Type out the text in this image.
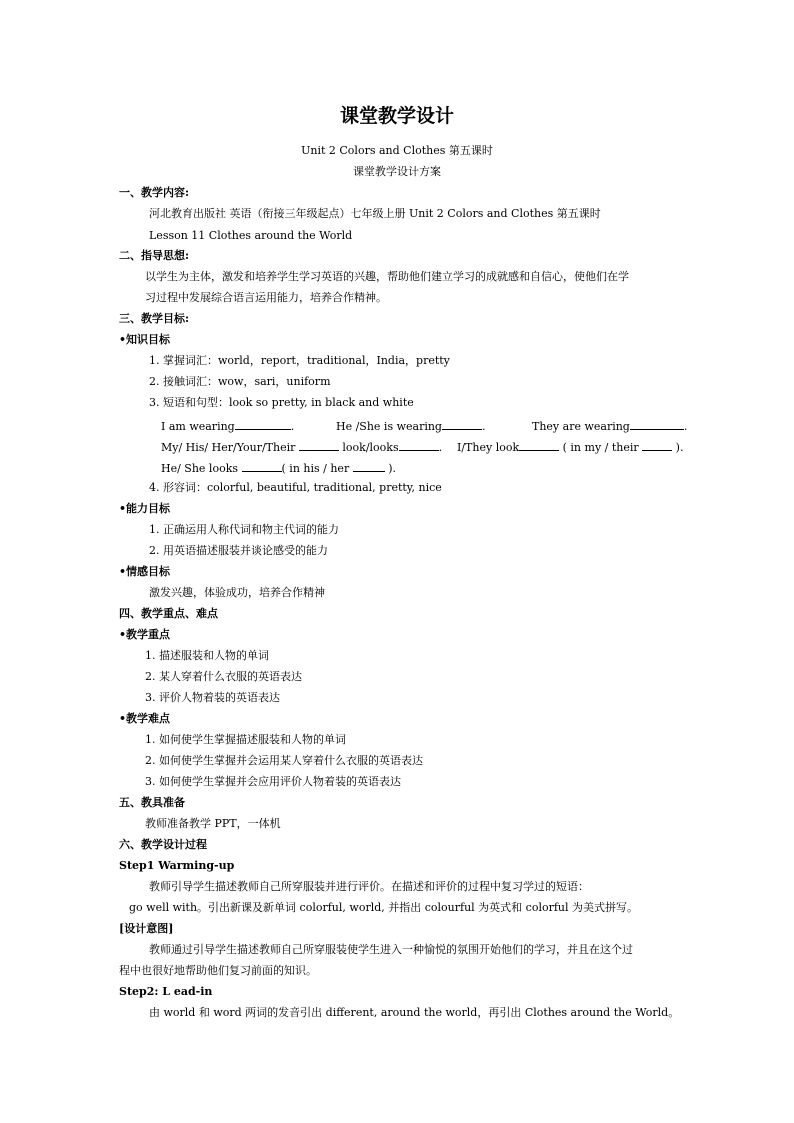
课堂教学设计
Unit 2 Colors and Clothes 第五课时
课堂教学设计方案
一、教学内容:
河北教育出版社 英语（衔接三年级起点）七年级上册 Unit 2 Colors and Clothes 第五课时
Lesson 11 Clothes around the World
二、指导思想:
以学生为主体，激发和培养学生学习英语的兴趣，帮助他们建立学习的成就感和自信心，使他们在学
习过程中发展综合语言运用能力，培养合作精神。
三、教学目标:
•知识目标
1. 掌握词汇：world，report，traditional，India，pretty
2. 接触词汇：wow，sari，uniform
3. 短语和句型：look so pretty, in black and white
I am wearing	.	He /She is wearing	.	They are wearing	.
My/ His/ Her/Your/Their	look/looks	. I/They look	( in my / their	).
He/ She looks	( in his / her	).
4. 形容词：colorful, beautiful, traditional, pretty, nice
•能力目标
1. 正确运用人称代词和物主代词的能力
2. 用英语描述服装并谈论感受的能力
•情感目标
激发兴趣，体验成功，培养合作精神
四、教学重点、难点
•教学重点
1. 描述服装和人物的单词
2. 某人穿着什么衣服的英语表达
3. 评价人物着装的英语表达
•教学难点
1. 如何使学生掌握描述服装和人物的单词
2. 如何使学生掌握并会运用某人穿着什么衣服的英语表达
3. 如何使学生掌握并会应用评价人物着装的英语表达
五、教具准备
教师准备教学 PPT，一体机
六、教学设计过程
Step1 Warming-up
教师引导学生描述教师自己所穿服装并进行评价。在描述和评价的过程中复习学过的短语：
go well with。引出新课及新单词 colorful, world, 并指出 colourful 为英式和 colorful 为美式拼写。
[设计意图]
教师通过引导学生描述教师自己所穿服装使学生进入一种愉悦的氛围开始他们的学习，并且在这个过
程中也很好地帮助他们复习前面的知识。
Step2: L ead-in
由 world 和 word 两词的发音引出 different, around the world，再引出 Clothes around the World。
